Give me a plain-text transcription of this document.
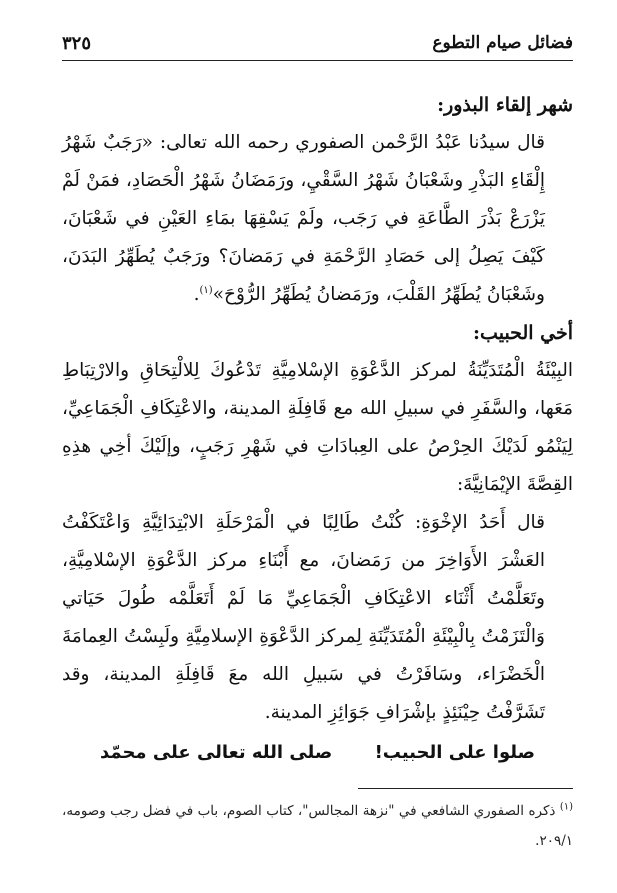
٣٢٥	فضائل صيام التطوع

شهر إلقاء البذور:

قال سيدُنا عَبْدُ الرَّحْمن الصفوري رحمه الله تعالى: «رَجَبٌ شَهْرُ إِلْقَاءِ البَذْرِ وشَعْبَانُ شَهْرُ السَّقْيِ، ورَمَضَانُ شَهْرُ الْحَصَادِ، فمَنْ لَمْ يَزْرَعْ بَذْرَ الطَّاعَةِ في رَجَب، ولَمْ يَسْقِهَا بمَاءِ العَيْنِ في شَعْبَانَ، كَيْفَ يَصِلُ إلى حَصَادِ الرَّحْمَةِ في رَمَضانَ؟ ورَجَبٌ يُطَهِّرُ البَدَنَ، وشَعْبَانُ يُطَهِّرُ القَلْبَ، ورَمَضانُ يُطَهِّرُ الرُّوْحَ»$^{(١)}$.

أخي الحبيب:

البِيْئَةُ الْمُتَدَيِّنَةُ لمركز الدَّعْوَةِ الإسْلامِيَّةِ تَدْعُوكَ لِلالْتِحَاقِ والارْتِبَاطِ مَعَها، والسَّفَرِ في سبيلِ الله مع قَافِلَةِ المدينة، والاعْتِكَافِ الْجَمَاعِيِّ، لِيَنْمُو لَدَيْكَ الحِرْصُ على العِبادَاتِ في شَهْرِ رَجَبٍ، وإلَيْكَ أخِي هذِهِ القِصَّةَ الإيْمَانِيَّةَ:

قال أَحَدُ الإخْوَةِ: كُنْتُ طَالِبًا في الْمَرْحَلَةِ الابْتِدَائِيَّةِ وَاعْتَكَفْتُ العَشْرَ الأَوَاخِرَ من رَمَضانَ، مع أَبْنَاءِ مركز الدَّعْوَةِ الإسْلامِيَّةِ، وتَعَلَّمْتُ أَثْنَاء الاعْتِكَافِ الْجَمَاعِيِّ مَا لَمْ أَتَعَلَّمْه طُولَ حَيَاتي وَالْتَزَمْتُ بِالْبِيْئَةِ الْمُتَدَيِّنَةِ لِمركز الدَّعْوَةِ الإسلامِيَّةِ ولَبِسْتُ العِمامَةَ الْخَضْرَاء، وسَافَرْتُ في سَبيلِ الله معَ قَافِلَةِ المدينة، وقد تَشَرَّفْتُ حِيْنَئِذٍ بإشْرَافِ جَوَائِزِ المدينة.

صلوا على الحبيب! صلى الله تعالى على محمّد
$^{(١)}$ ذكره الصفوري الشافعي في "نزهة المجالس"، كتاب الصوم، باب في فضل رجب وصومه، ٢٠٩/١.
